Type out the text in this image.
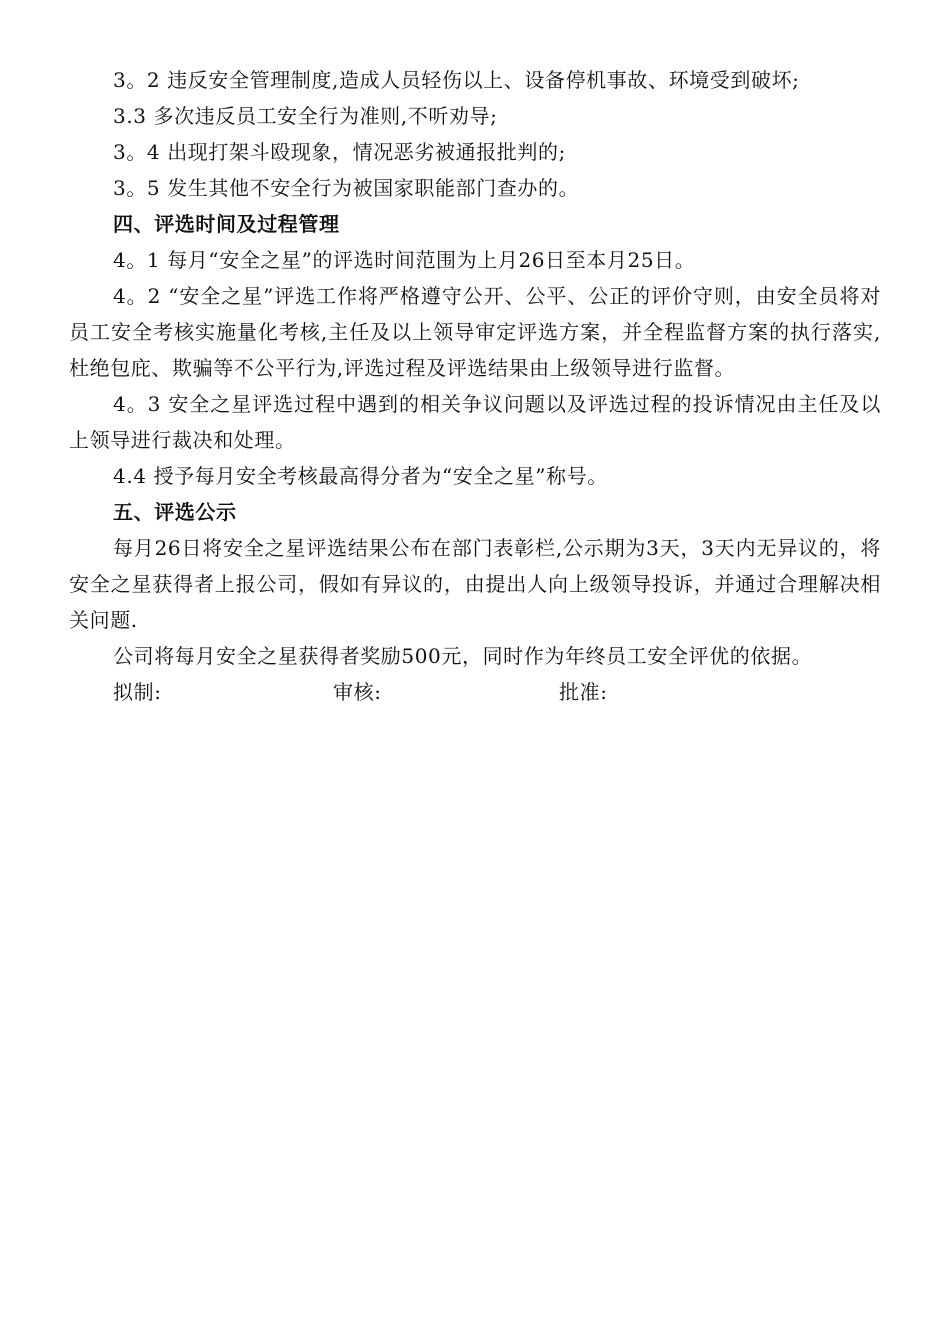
3。2 违反安全管理制度,造成人员轻伤以上、设备停机事故、环境受到破坏;

3.3 多次违反员工安全行为准则,不听劝导;

3。4 出现打架斗殴现象，情况恶劣被通报批判的;

3。5 发生其他不安全行为被国家职能部门查办的。

四、评选时间及过程管理

4。1 每月“安全之星”的评选时间范围为上月26日至本月25日。

4。2 “安全之星”评选工作将严格遵守公开、公平、公正的评价守则，由安全员将对员工安全考核实施量化考核,主任及以上领导审定评选方案，并全程监督方案的执行落实,杜绝包庇、欺骗等不公平行为,评选过程及评选结果由上级领导进行监督。

4。3 安全之星评选过程中遇到的相关争议问题以及评选过程的投诉情况由主任及以上领导进行裁决和处理。

4.4 授予每月安全考核最高得分者为“安全之星”称号。

五、评选公示

每月26日将安全之星评选结果公布在部门表彰栏,公示期为3天，3天内无异议的，将安全之星获得者上报公司，假如有异议的，由提出人向上级领导投诉，并通过合理解决相关问题.

公司将每月安全之星获得者奖励500元，同时作为年终员工安全评优的依据。

拟制:	审核:	批准:
